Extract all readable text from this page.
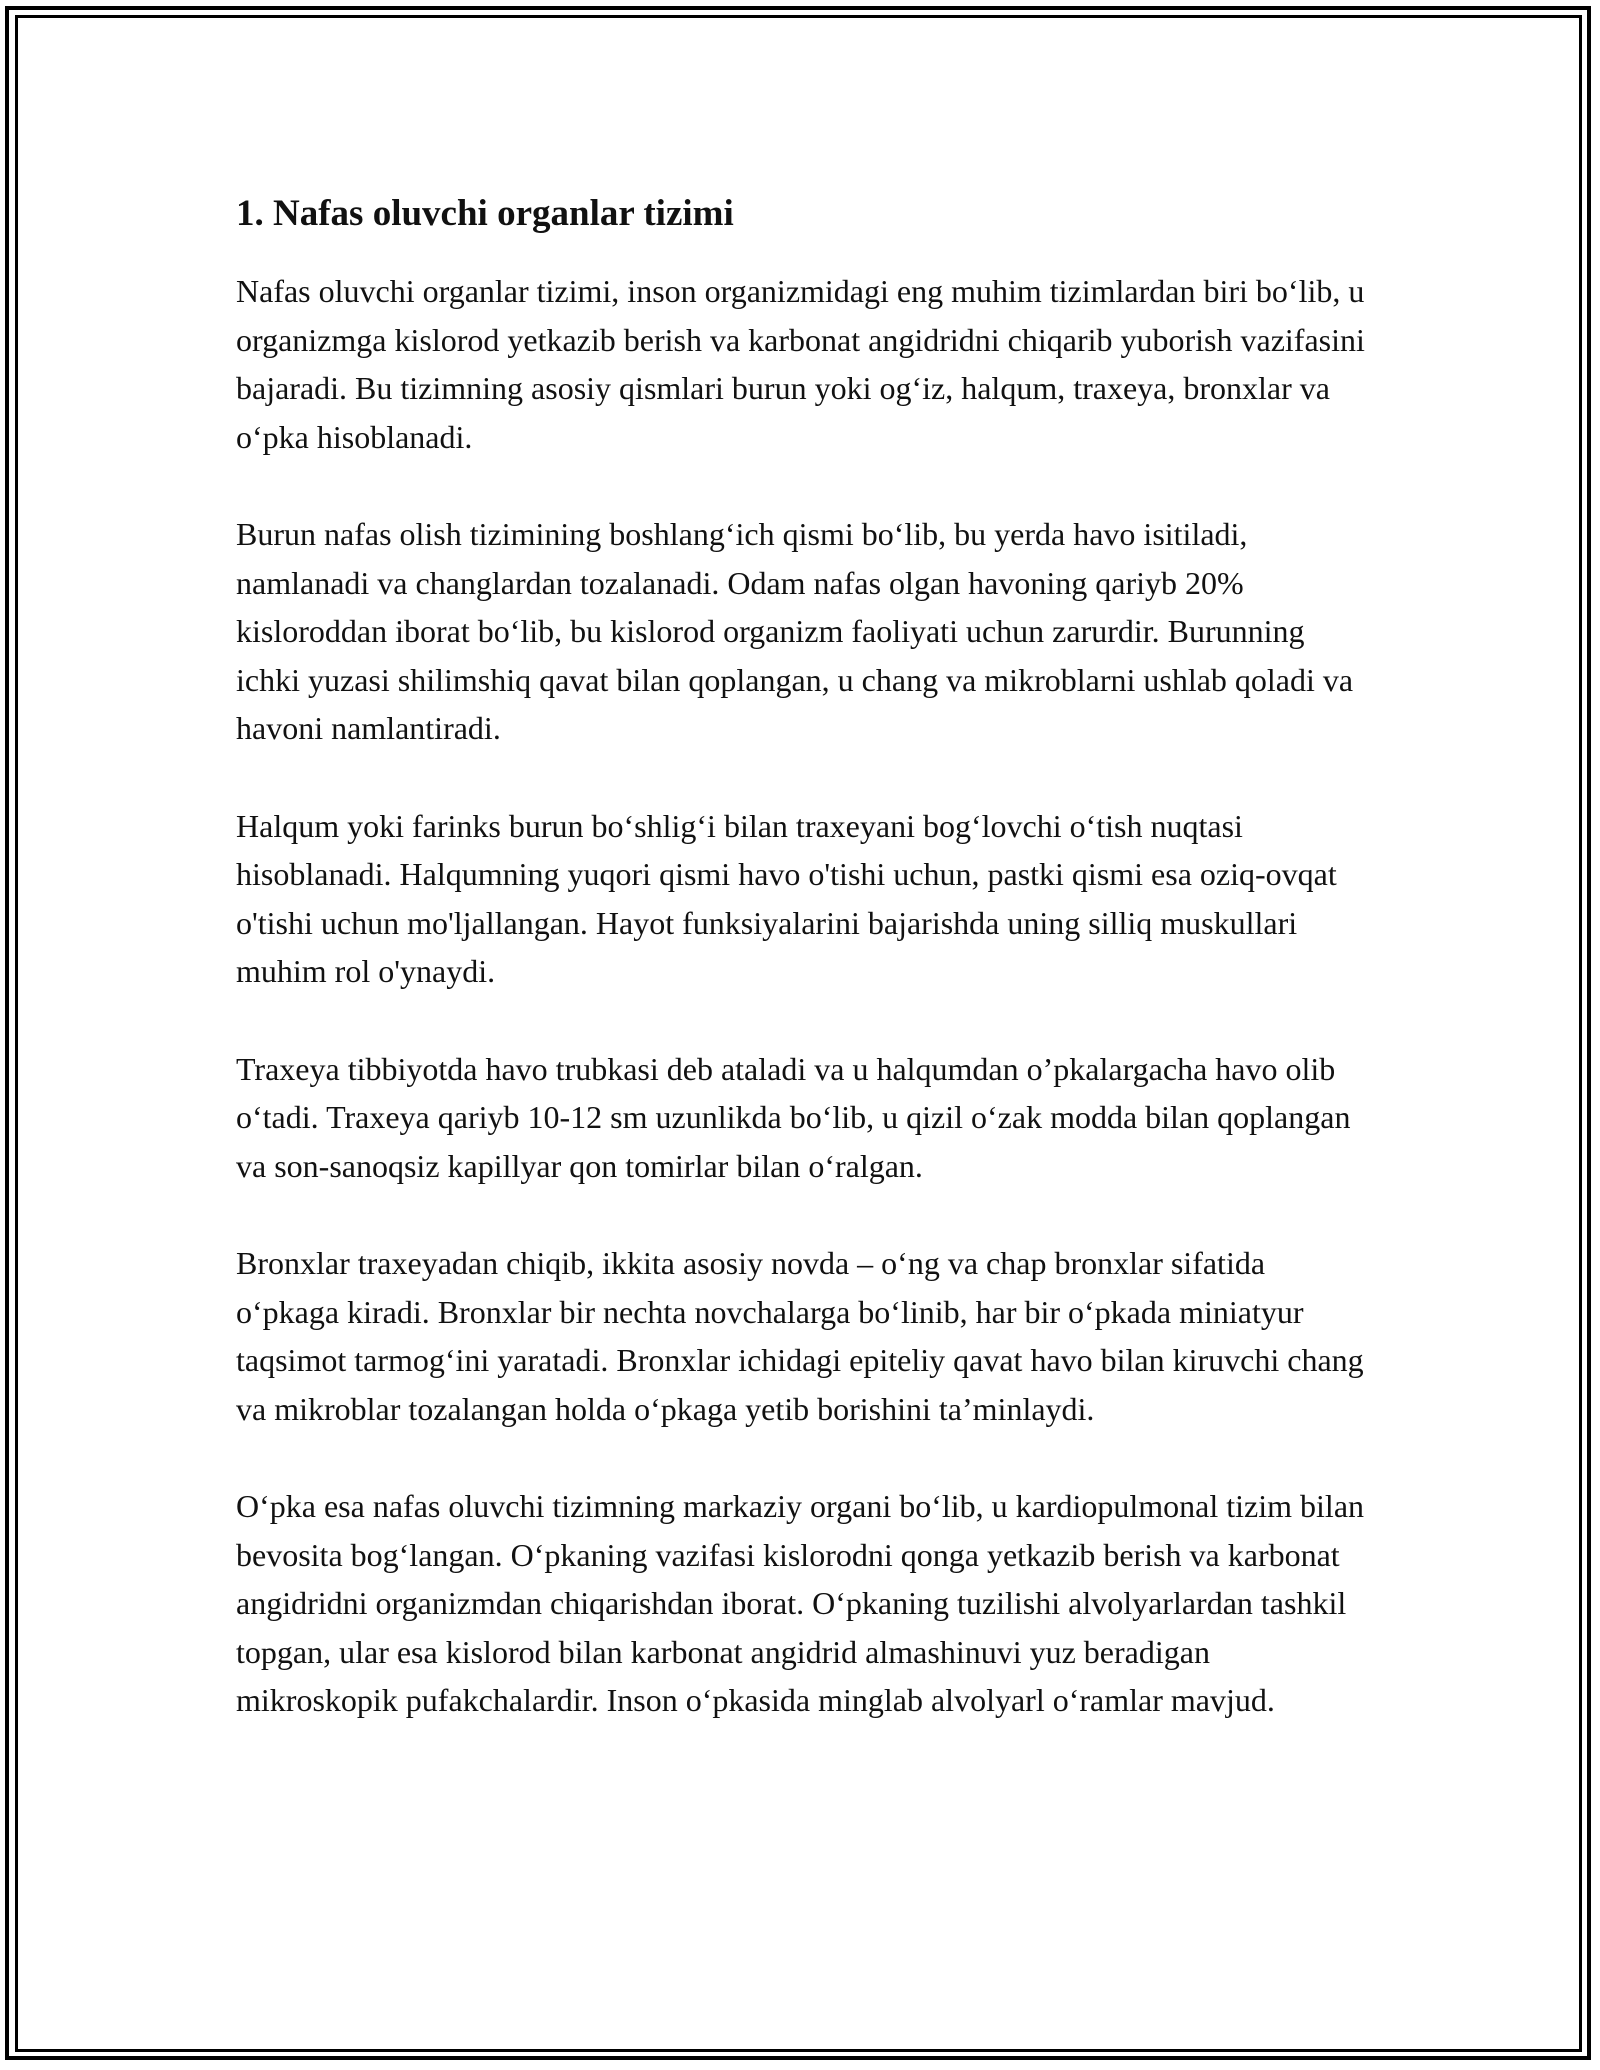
1. Nafas oluvchi organlar tizimi

Nafas oluvchi organlar tizimi, inson organizmidagi eng muhim tizimlardan biri bo‘lib, u organizmga kislorod yetkazib berish va karbonat angidridni chiqarib yuborish vazifasini bajaradi. Bu tizimning asosiy qismlari burun yoki og‘iz, halqum, traxeya, bronxlar va o‘pka hisoblanadi.

Burun nafas olish tizimining boshlang‘ich qismi bo‘lib, bu yerda havo isitiladi, namlanadi va changlardan tozalanadi. Odam nafas olgan havoning qariyb 20% kisloroddan iborat bo‘lib, bu kislorod organizm faoliyati uchun zarurdir. Burunning ichki yuzasi shilimshiq qavat bilan qoplangan, u chang va mikroblarni ushlab qoladi va havoni namlantiradi.

Halqum yoki farinks burun bo‘shlig‘i bilan traxeyani bog‘lovchi o‘tish nuqtasi hisoblanadi. Halqumning yuqori qismi havo o'tishi uchun, pastki qismi esa oziq-ovqat o'tishi uchun mo'ljallangan. Hayot funksiyalarini bajarishda uning silliq muskullari muhim rol o'ynaydi.

Traxeya tibbiyotda havo trubkasi deb ataladi va u halqumdan o’pkalargacha havo olib o‘tadi. Traxeya qariyb 10-12 sm uzunlikda bo‘lib, u qizil o‘zak modda bilan qoplangan va son-sanoqsiz kapillyar qon tomirlar bilan o‘ralgan.

Bronxlar traxeyadan chiqib, ikkita asosiy novda – o‘ng va chap bronxlar sifatida o‘pkaga kiradi. Bronxlar bir nechta novchalarga bo‘linib, har bir o‘pkada miniatyur taqsimot tarmog‘ini yaratadi. Bronxlar ichidagi epiteliy qavat havo bilan kiruvchi chang va mikroblar tozalangan holda o‘pkaga yetib borishini ta’minlaydi.

O‘pka esa nafas oluvchi tizimning markaziy organi bo‘lib, u kardiopulmonal tizim bilan bevosita bog‘langan. O‘pkaning vazifasi kislorodni qonga yetkazib berish va karbonat angidridni organizmdan chiqarishdan iborat. O‘pkaning tuzilishi alvolyarlardan tashkil topgan, ular esa kislorod bilan karbonat angidrid almashinuvi yuz beradigan mikroskopik pufakchalardir. Inson o‘pkasida minglab alvolyarl o‘ramlar mavjud.
